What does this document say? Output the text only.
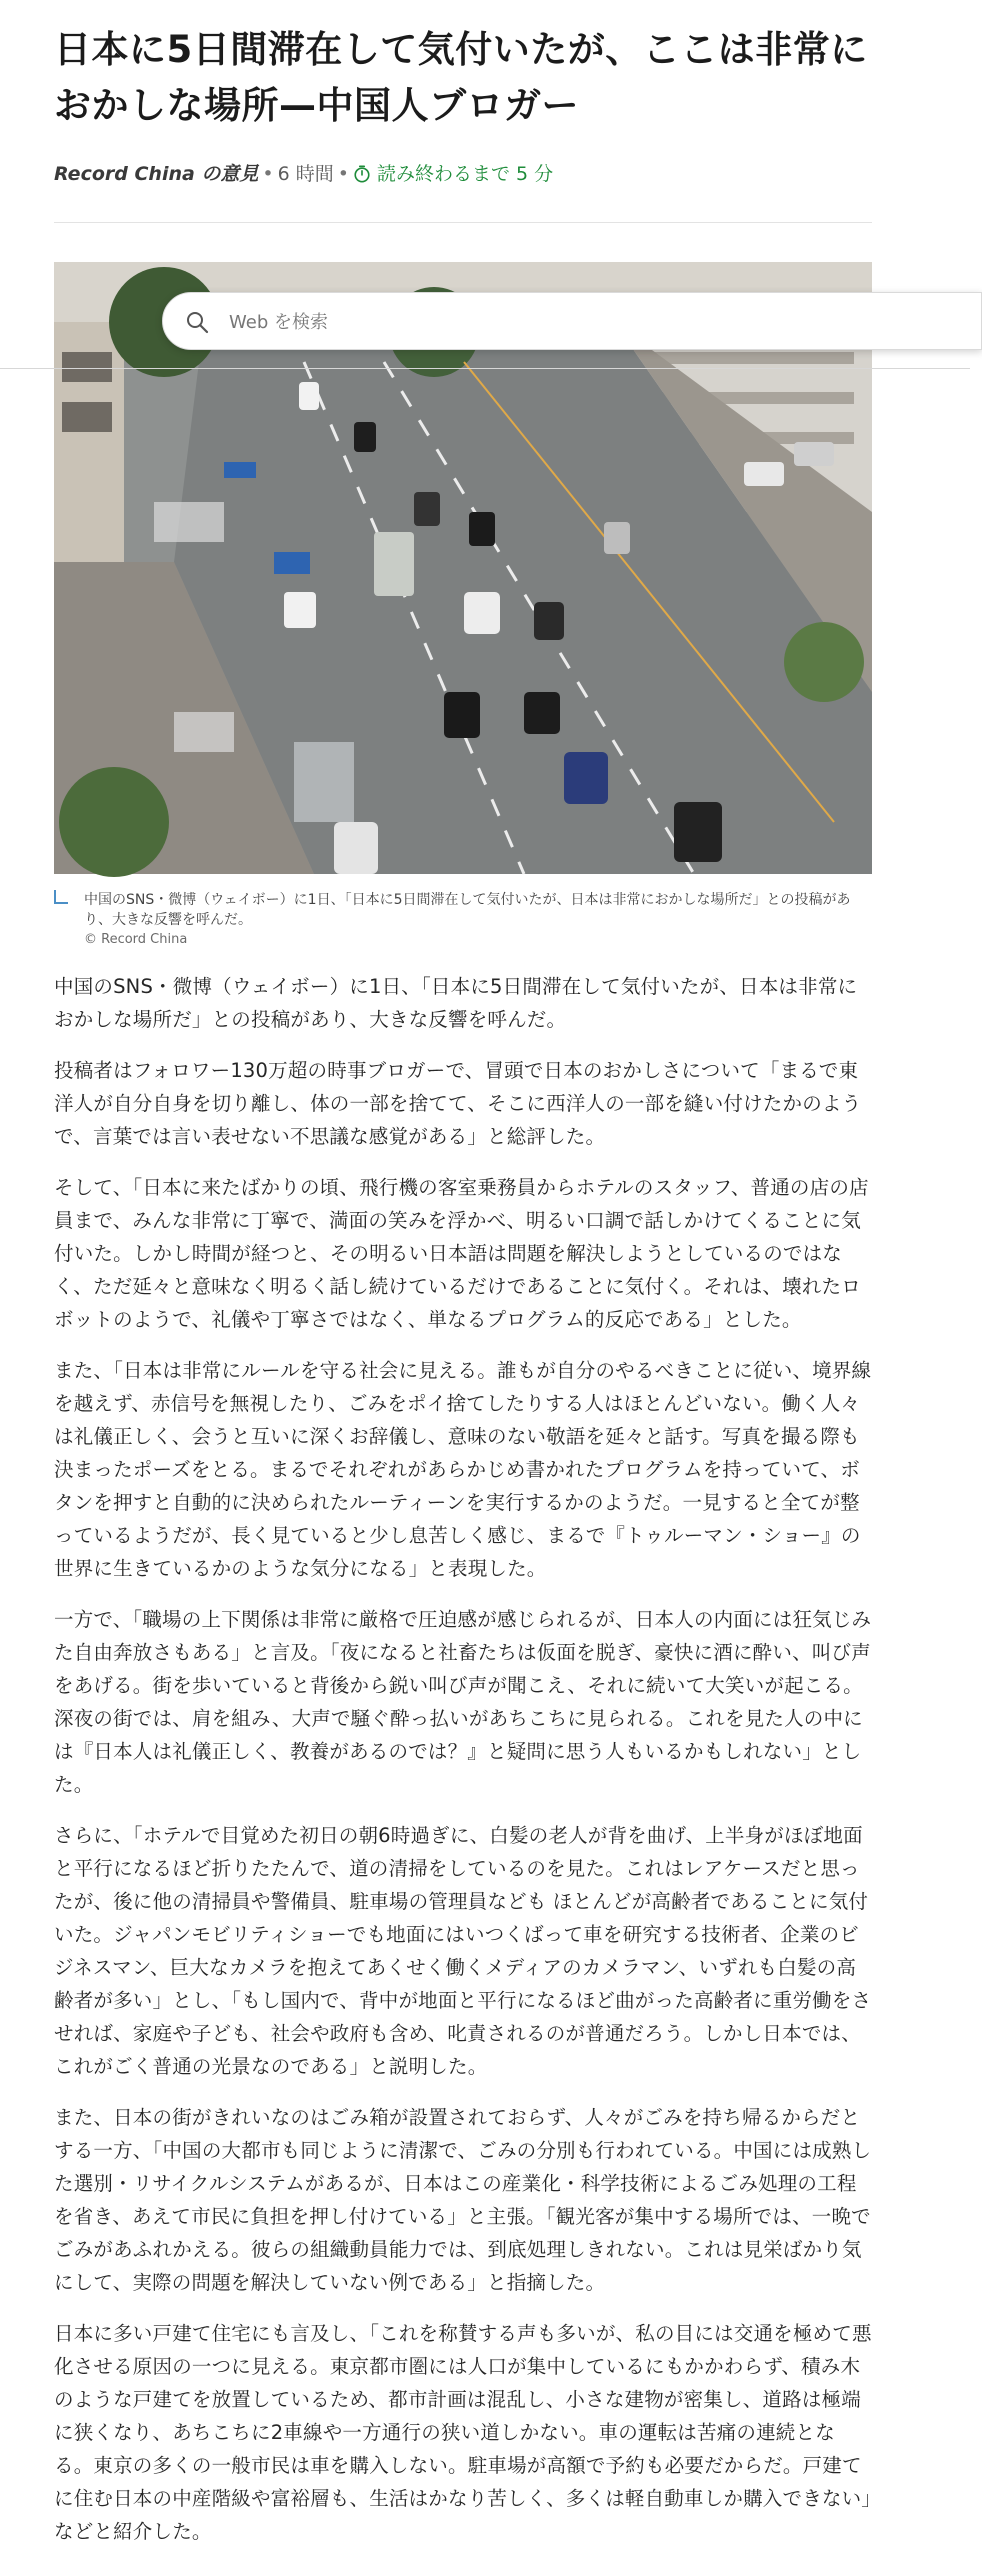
日本に5日間滞在して気付いたが、ここは非常におかしな場所—中国人ブロガー
Record China の意見 • 6 時間 • 読み終わるまで 5 分
中国のSNS・微博（ウェイボー）に1日、「日本に5日間滞在して気付いたが、日本は非常におかしな場所だ」との投稿があり、大きな反響を呼んだ。
© Record China

中国のSNS・微博（ウェイボー）に1日、「日本に5日間滞在して気付いたが、日本は非常におかしな場所だ」との投稿があり、大きな反響を呼んだ。

投稿者はフォロワー130万超の時事ブロガーで、冒頭で日本のおかしさについて「まるで東洋人が自分自身を切り離し、体の一部を捨てて、そこに西洋人の一部を縫い付けたかのようで、言葉では言い表せない不思議な感覚がある」と総評した。

そして、「日本に来たばかりの頃、飛行機の客室乗務員からホテルのスタッフ、普通の店の店員まで、みんな非常に丁寧で、満面の笑みを浮かべ、明るい口調で話しかけてくることに気付いた。しかし時間が経つと、その明るい日本語は問題を解決しようとしているのではなく、ただ延々と意味なく明るく話し続けているだけであることに気付く。それは、壊れたロボットのようで、礼儀や丁寧さではなく、単なるプログラム的反応である」とした。

また、「日本は非常にルールを守る社会に見える。誰もが自分のやるべきことに従い、境界線を越えず、赤信号を無視したり、ごみをポイ捨てしたりする人はほとんどいない。働く人々は礼儀正しく、会うと互いに深くお辞儀し、意味のない敬語を延々と話す。写真を撮る際も決まったポーズをとる。まるでそれぞれがあらかじめ書かれたプログラムを持っていて、ボタンを押すと自動的に決められたルーティーンを実行するかのようだ。一見すると全てが整っているようだが、長く見ていると少し息苦しく感じ、まるで『トゥルーマン・ショー』の世界に生きているかのような気分になる」と表現した。

一方で、「職場の上下関係は非常に厳格で圧迫感が感じられるが、日本人の内面には狂気じみた自由奔放さもある」と言及。「夜になると社畜たちは仮面を脱ぎ、豪快に酒に酔い、叫び声をあげる。街を歩いていると背後から鋭い叫び声が聞こえ、それに続いて大笑いが起こる。深夜の街では、肩を組み、大声で騒ぐ酔っ払いがあちこちに見られる。これを見た人の中には『日本人は礼儀正しく、教養があるのでは？』と疑問に思う人もいるかもしれない」とした。

さらに、「ホテルで目覚めた初日の朝6時過ぎに、白髪の老人が背を曲げ、上半身がほぼ地面と平行になるほど折りたたんで、道の清掃をしているのを見た。これはレアケースだと思ったが、後に他の清掃員や警備員、駐車場の管理員なども ほとんどが高齢者であることに気付いた。ジャパンモビリティショーでも地面にはいつくばって車を研究する技術者、企業のビジネスマン、巨大なカメラを抱えてあくせく働くメディアのカメラマン、いずれも白髪の高齢者が多い」とし、「もし国内で、背中が地面と平行になるほど曲がった高齢者に重労働をさせれば、家庭や子ども、社会や政府も含め、叱責されるのが普通だろう。しかし日本では、これがごく普通の光景なのである」と説明した。

また、日本の街がきれいなのはごみ箱が設置されておらず、人々がごみを持ち帰るからだとする一方、「中国の大都市も同じように清潔で、ごみの分別も行われている。中国には成熟した選別・リサイクルシステムがあるが、日本はこの産業化・科学技術によるごみ処理の工程を省き、あえて市民に負担を押し付けている」と主張。「観光客が集中する場所では、一晩でごみがあふれかえる。彼らの組織動員能力では、到底処理しきれない。これは見栄ばかり気にして、実際の問題を解決していない例である」と指摘した。

日本に多い戸建て住宅にも言及し、「これを称賛する声も多いが、私の目には交通を極めて悪化させる原因の一つに見える。東京都市圏には人口が集中しているにもかかわらず、積み木のような戸建てを放置しているため、都市計画は混乱し、小さな建物が密集し、道路は極端に狭くなり、あちこちに2車線や一方通行の狭い道しかない。車の運転は苦痛の連続となる。東京の多くの一般市民は車を購入しない。駐車場が高額で予約も必要だからだ。戸建てに住む日本の中産階級や富裕層も、生活はかなり苦しく、多くは軽自動車しか購入できない」などと紹介した。

Web を検索
